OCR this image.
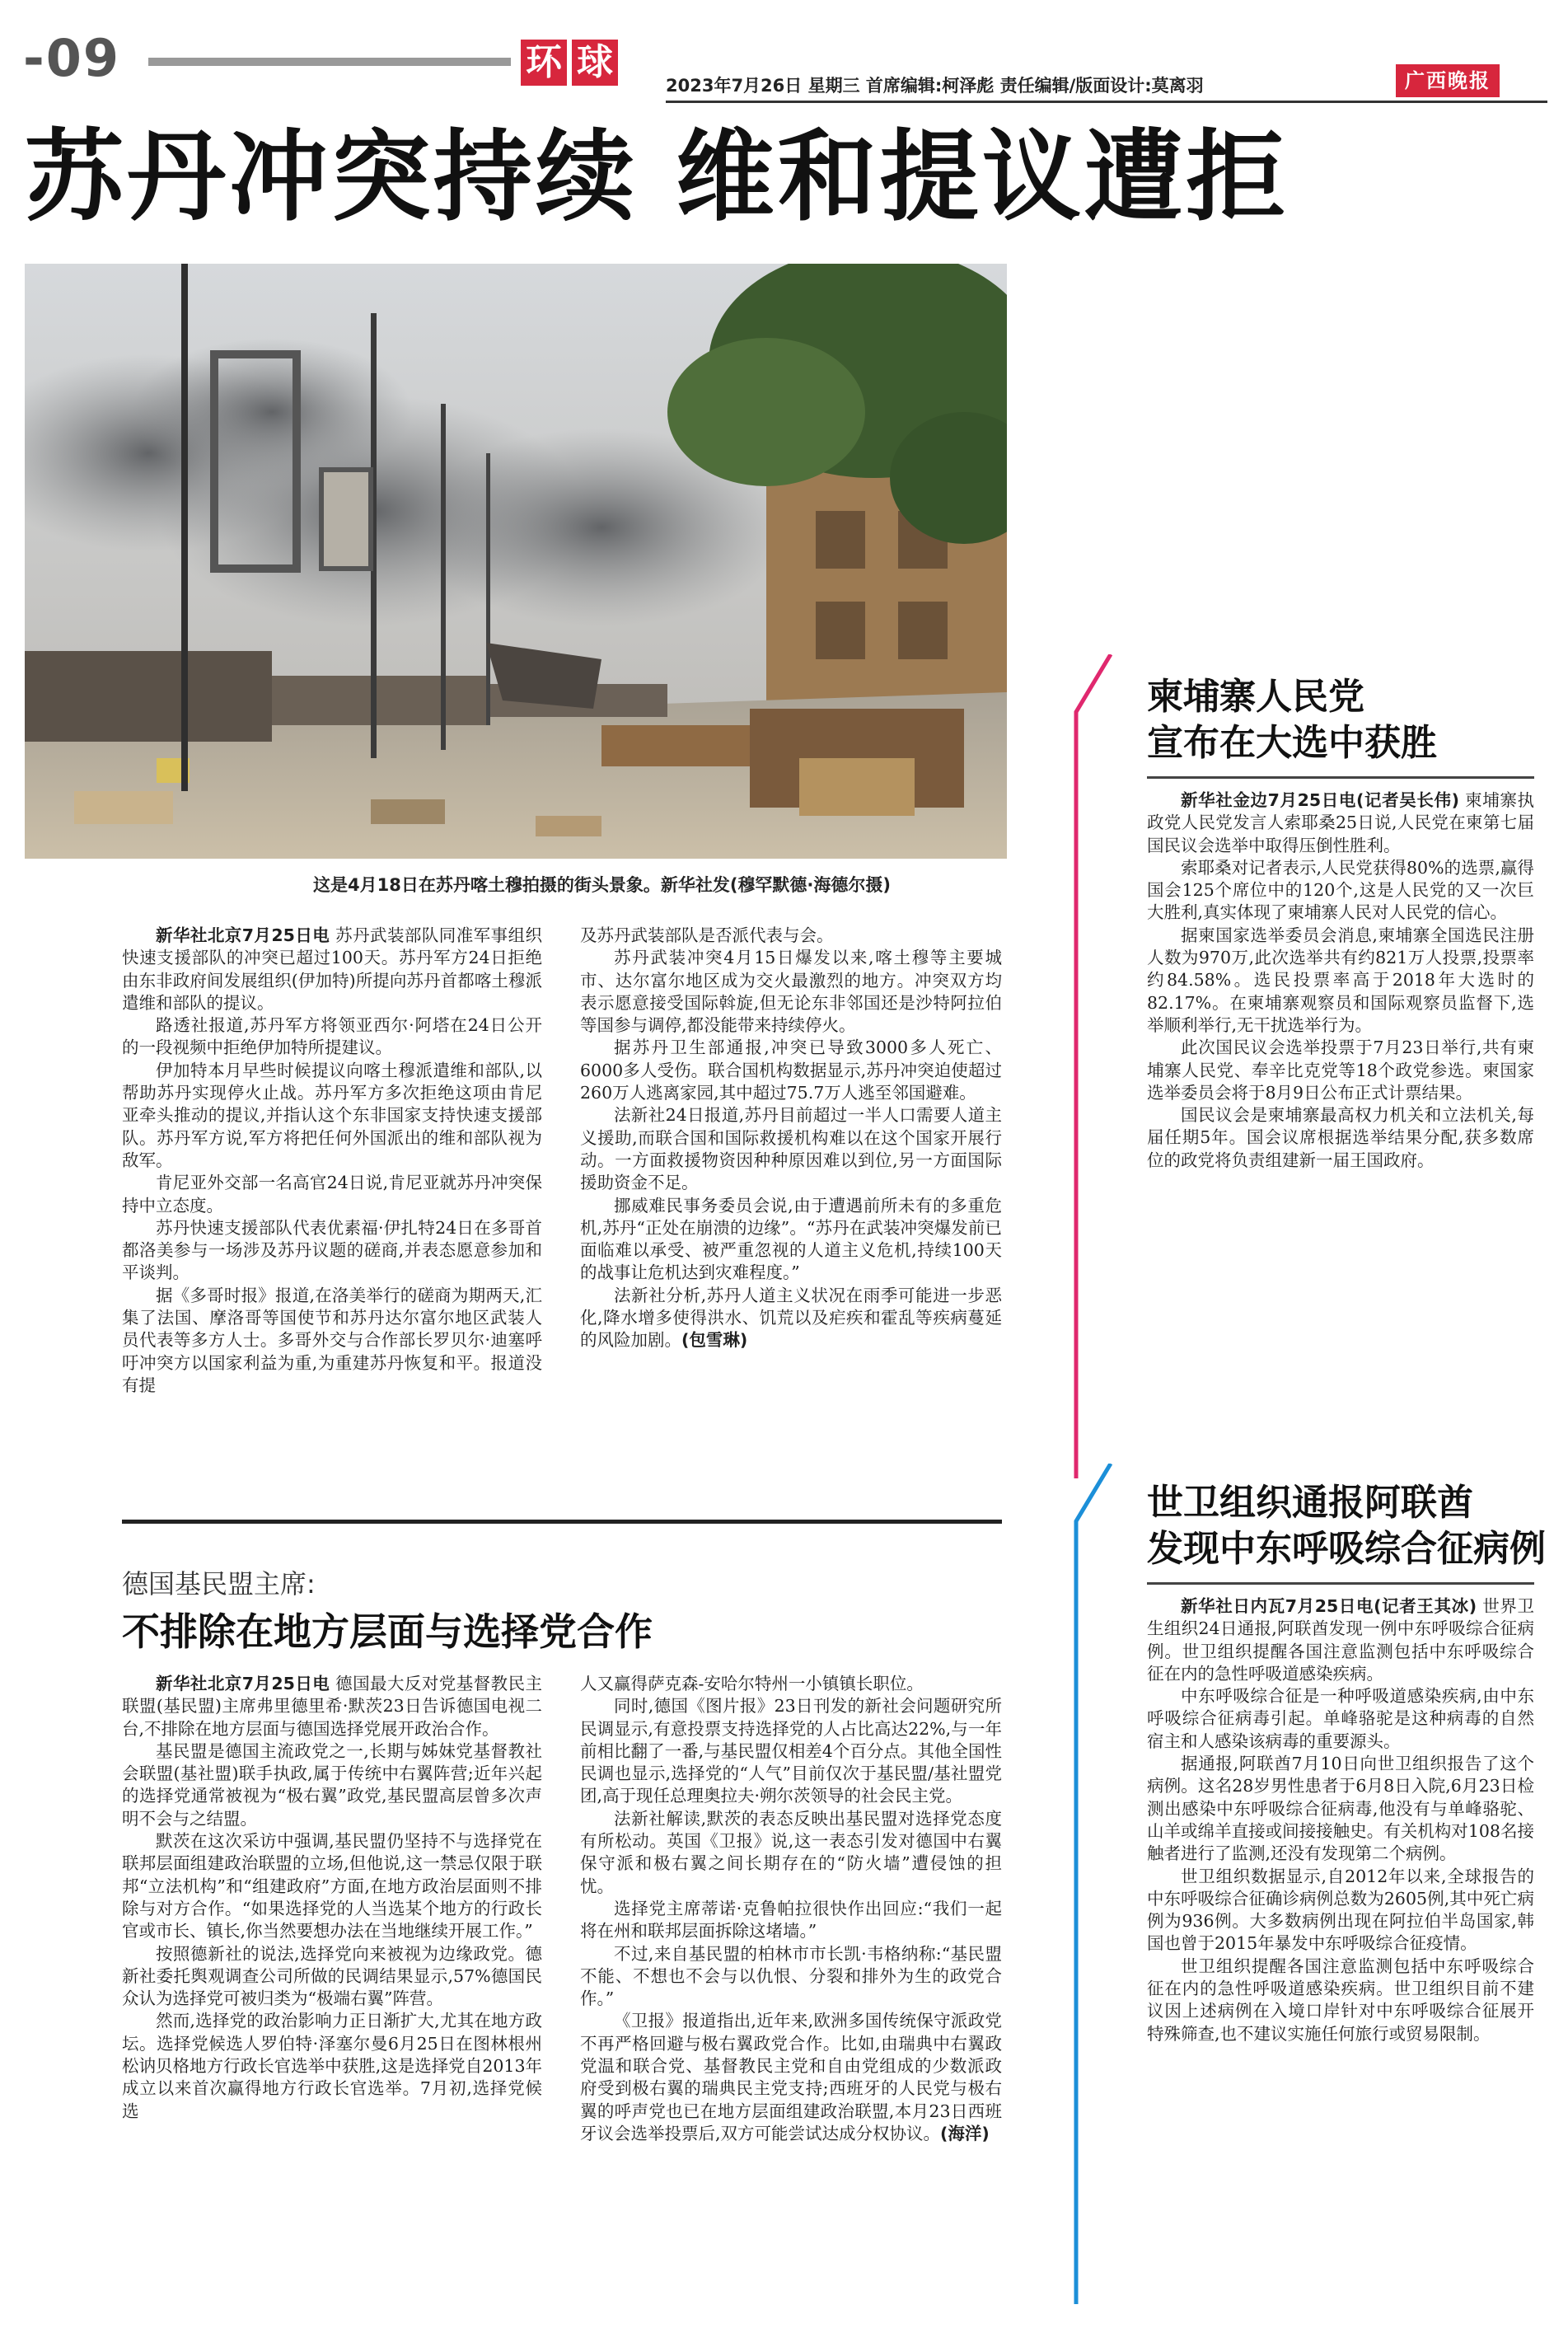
-09	环 球
2023年7月26日 星期三 首席编辑:柯泽彪 责任编辑/版面设计:莫离羽	广西晚报
苏丹冲突持续 维和提议遭拒
这是4月18日在苏丹喀土穆拍摄的街头景象。新华社发(穆罕默德·海德尔摄)

新华社北京7月25日电 苏丹武装部队同准军事组织快速支援部队的冲突已超过100天。苏丹军方24日拒绝由东非政府间发展组织(伊加特)所提向苏丹首都喀土穆派遣维和部队的提议。

路透社报道,苏丹军方将领亚西尔·阿塔在24日公开的一段视频中拒绝伊加特所提建议。

伊加特本月早些时候提议向喀土穆派遣维和部队,以帮助苏丹实现停火止战。苏丹军方多次拒绝这项由肯尼亚牵头推动的提议,并指认这个东非国家支持快速支援部队。苏丹军方说,军方将把任何外国派出的维和部队视为敌军。

肯尼亚外交部一名高官24日说,肯尼亚就苏丹冲突保持中立态度。

苏丹快速支援部队代表优素福·伊扎特24日在多哥首都洛美参与一场涉及苏丹议题的磋商,并表态愿意参加和平谈判。

据《多哥时报》报道,在洛美举行的磋商为期两天,汇集了法国、摩洛哥等国使节和苏丹达尔富尔地区武装人员代表等多方人士。多哥外交与合作部长罗贝尔·迪塞呼吁冲突方以国家利益为重,为重建苏丹恢复和平。报道没有提

及苏丹武装部队是否派代表与会。

苏丹武装冲突4月15日爆发以来,喀土穆等主要城市、达尔富尔地区成为交火最激烈的地方。冲突双方均表示愿意接受国际斡旋,但无论东非邻国还是沙特阿拉伯等国参与调停,都没能带来持续停火。

据苏丹卫生部通报,冲突已导致3000多人死亡、6000多人受伤。联合国机构数据显示,苏丹冲突迫使超过260万人逃离家园,其中超过75.7万人逃至邻国避难。

法新社24日报道,苏丹目前超过一半人口需要人道主义援助,而联合国和国际救援机构难以在这个国家开展行动。一方面救援物资因种种原因难以到位,另一方面国际援助资金不足。

挪威难民事务委员会说,由于遭遇前所未有的多重危机,苏丹“正处在崩溃的边缘”。“苏丹在武装冲突爆发前已面临难以承受、被严重忽视的人道主义危机,持续100天的战事让危机达到灾难程度。”

法新社分析,苏丹人道主义状况在雨季可能进一步恶化,降水增多使得洪水、饥荒以及疟疾和霍乱等疾病蔓延的风险加剧。(包雪琳)

德国基民盟主席:
不排除在地方层面与选择党合作

新华社北京7月25日电 德国最大反对党基督教民主联盟(基民盟)主席弗里德里希·默茨23日告诉德国电视二台,不排除在地方层面与德国选择党展开政治合作。

基民盟是德国主流政党之一,长期与姊妹党基督教社会联盟(基社盟)联手执政,属于传统中右翼阵营;近年兴起的选择党通常被视为“极右翼”政党,基民盟高层曾多次声明不会与之结盟。

默茨在这次采访中强调,基民盟仍坚持不与选择党在联邦层面组建政治联盟的立场,但他说,这一禁忌仅限于联邦“立法机构”和“组建政府”方面,在地方政治层面则不排除与对方合作。“如果选择党的人当选某个地方的行政长官或市长、镇长,你当然要想办法在当地继续开展工作。”

按照德新社的说法,选择党向来被视为边缘政党。德新社委托舆观调查公司所做的民调结果显示,57%德国民众认为选择党可被归类为“极端右翼”阵营。

然而,选择党的政治影响力正日渐扩大,尤其在地方政坛。选择党候选人罗伯特·泽塞尔曼6月25日在图林根州松讷贝格地方行政长官选举中获胜,这是选择党自2013年成立以来首次赢得地方行政长官选举。7月初,选择党候选

人又赢得萨克森-安哈尔特州一小镇镇长职位。

同时,德国《图片报》23日刊发的新社会问题研究所民调显示,有意投票支持选择党的人占比高达22%,与一年前相比翻了一番,与基民盟仅相差4个百分点。其他全国性民调也显示,选择党的“人气”目前仅次于基民盟/基社盟党团,高于现任总理奥拉夫·朔尔茨领导的社会民主党。

法新社解读,默茨的表态反映出基民盟对选择党态度有所松动。英国《卫报》说,这一表态引发对德国中右翼保守派和极右翼之间长期存在的“防火墙”遭侵蚀的担忧。

选择党主席蒂诺·克鲁帕拉很快作出回应:“我们一起将在州和联邦层面拆除这堵墙。”

不过,来自基民盟的柏林市市长凯·韦格纳称:“基民盟不能、不想也不会与以仇恨、分裂和排外为生的政党合作。”

《卫报》报道指出,近年来,欧洲多国传统保守派政党不再严格回避与极右翼政党合作。比如,由瑞典中右翼政党温和联合党、基督教民主党和自由党组成的少数派政府受到极右翼的瑞典民主党支持;西班牙的人民党与极右翼的呼声党也已在地方层面组建政治联盟,本月23日西班牙议会选举投票后,双方可能尝试达成分权协议。(海洋)

柬埔寨人民党
宣布在大选中获胜

新华社金边7月25日电(记者吴长伟) 柬埔寨执政党人民党发言人索耶桑25日说,人民党在柬第七届国民议会选举中取得压倒性胜利。

索耶桑对记者表示,人民党获得80%的选票,赢得国会125个席位中的120个,这是人民党的又一次巨大胜利,真实体现了柬埔寨人民对人民党的信心。

据柬国家选举委员会消息,柬埔寨全国选民注册人数为970万,此次选举共有约821万人投票,投票率约84.58%。选民投票率高于2018年大选时的82.17%。在柬埔寨观察员和国际观察员监督下,选举顺利举行,无干扰选举行为。

此次国民议会选举投票于7月23日举行,共有柬埔寨人民党、奉辛比克党等18个政党参选。柬国家选举委员会将于8月9日公布正式计票结果。

国民议会是柬埔寨最高权力机关和立法机关,每届任期5年。国会议席根据选举结果分配,获多数席位的政党将负责组建新一届王国政府。

世卫组织通报阿联酋
发现中东呼吸综合征病例

新华社日内瓦7月25日电(记者王其冰) 世界卫生组织24日通报,阿联酋发现一例中东呼吸综合征病例。世卫组织提醒各国注意监测包括中东呼吸综合征在内的急性呼吸道感染疾病。

中东呼吸综合征是一种呼吸道感染疾病,由中东呼吸综合征病毒引起。单峰骆驼是这种病毒的自然宿主和人感染该病毒的重要源头。

据通报,阿联酋7月10日向世卫组织报告了这个病例。这名28岁男性患者于6月8日入院,6月23日检测出感染中东呼吸综合征病毒,他没有与单峰骆驼、山羊或绵羊直接或间接接触史。有关机构对108名接触者进行了监测,还没有发现第二个病例。

世卫组织数据显示,自2012年以来,全球报告的中东呼吸综合征确诊病例总数为2605例,其中死亡病例为936例。大多数病例出现在阿拉伯半岛国家,韩国也曾于2015年暴发中东呼吸综合征疫情。

世卫组织提醒各国注意监测包括中东呼吸综合征在内的急性呼吸道感染疾病。世卫组织目前不建议因上述病例在入境口岸针对中东呼吸综合征展开特殊筛查,也不建议实施任何旅行或贸易限制。
